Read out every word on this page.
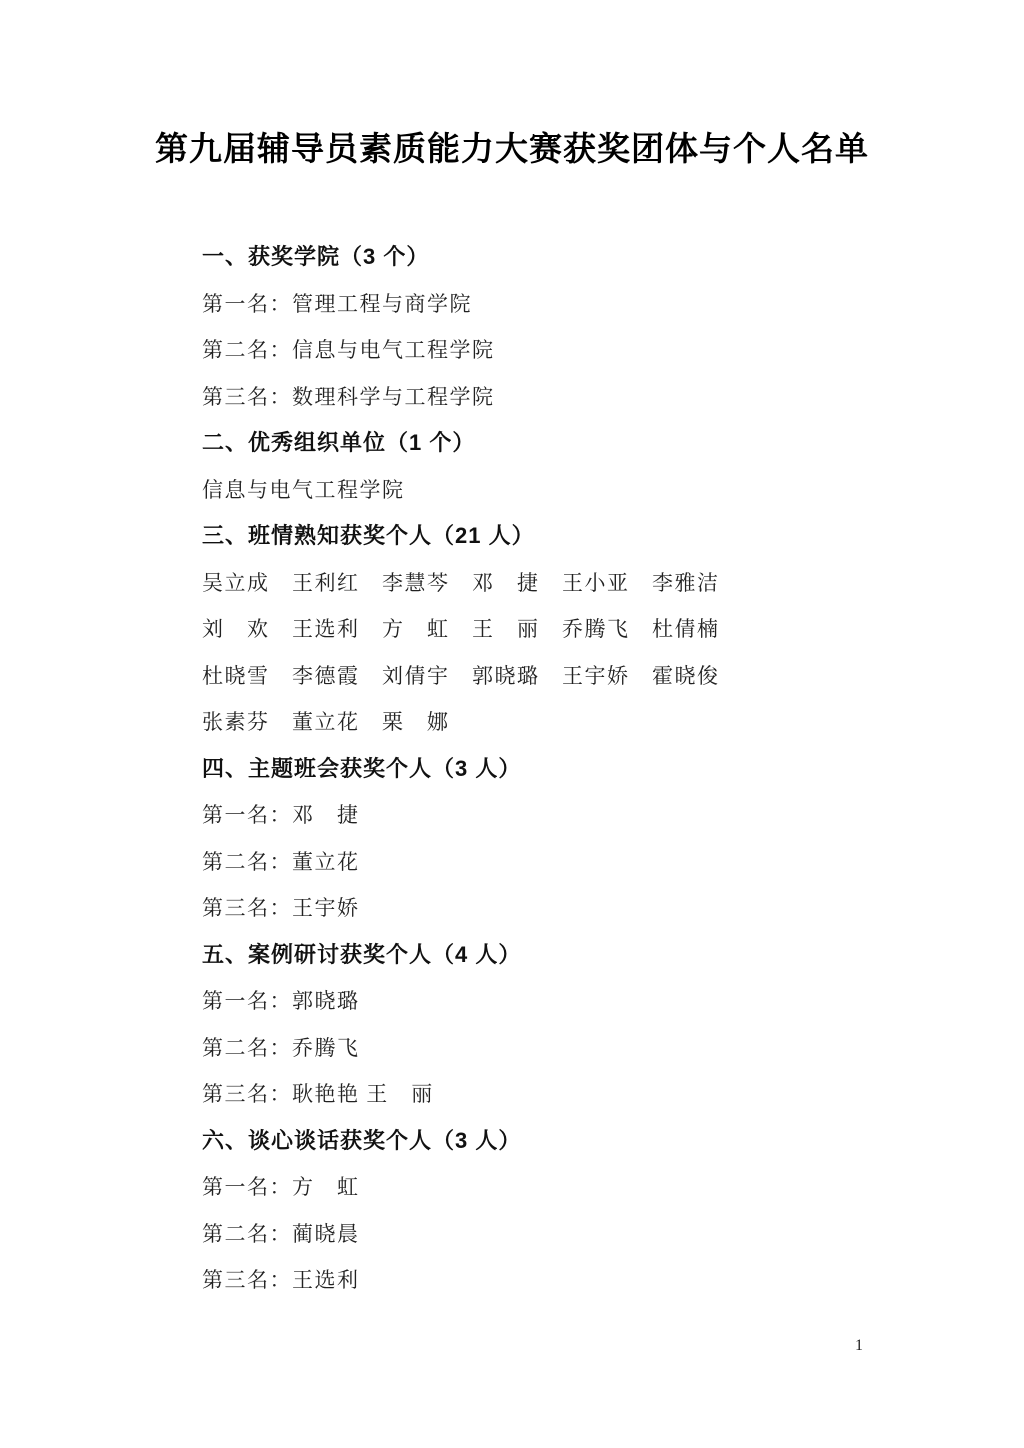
第九届辅导员素质能力大赛获奖团体与个人名单
一、获奖学院（3 个）
第一名：管理工程与商学院
第二名：信息与电气工程学院
第三名：数理科学与工程学院
二、优秀组织单位（1 个）
信息与电气工程学院
三、班情熟知获奖个人（21 人）
吴立成　王利红　李慧芩　邓　捷　王小亚　李雅洁
刘　欢　王选利　方　虹　王　丽　乔腾飞　杜倩楠
杜晓雪　李德霞　刘倩宇　郭晓璐　王宇娇　霍晓俊
张素芬　董立花　栗　娜
四、主题班会获奖个人（3 人）
第一名：邓　捷
第二名：董立花
第三名：王宇娇
五、案例研讨获奖个人（4 人）
第一名：郭晓璐
第二名：乔腾飞
第三名：耿艳艳 王　丽
六、谈心谈话获奖个人（3 人）
第一名：方　虹
第二名：蔺晓晨
第三名：王选利
1
